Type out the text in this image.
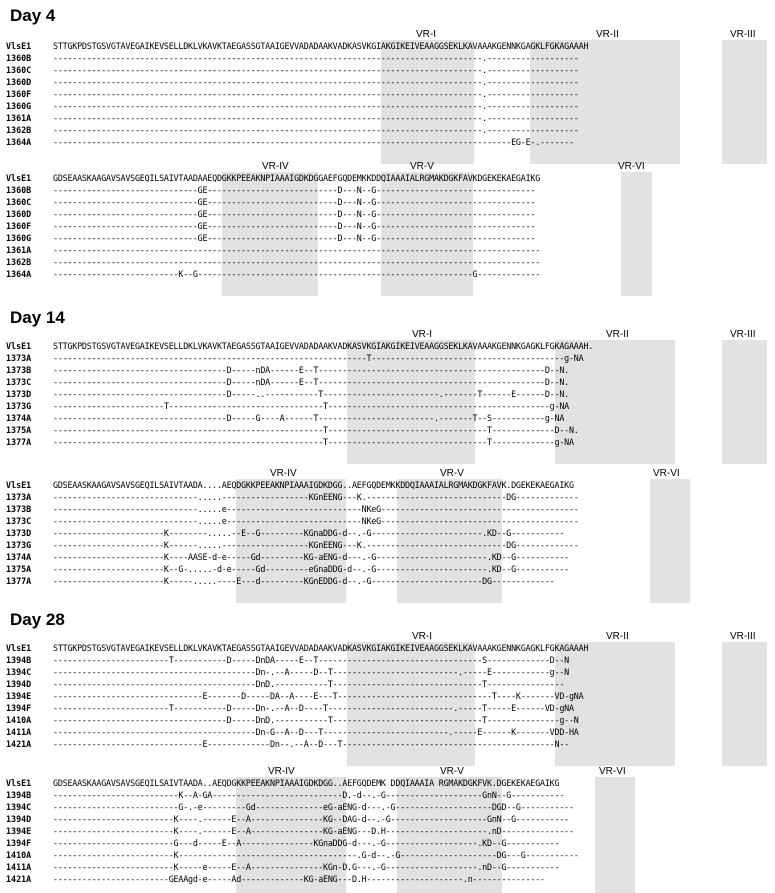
Day 4
VR-I	VR-II	VR-III
VlsE1	STTGKPDSTGSVGTAVEGAIKEVSELLDKLVKAVKTAEGASSGTAAIGEVVADADAAKVADKASVKGIAKGIKEIVEAAGGSEKLKAVAAAKGENNKGAGKLFGKAGAAAH
1360B	-----------------------------------------------------------------------------------------.-------------------
1360C	-----------------------------------------------------------------------------------------.-------------------
1360D	-----------------------------------------------------------------------------------------.-------------------
1360F	-----------------------------------------------------------------------------------------.-------------------
1360G	-----------------------------------------------------------------------------------------.-------------------
1361A	-----------------------------------------------------------------------------------------.-------------------
1362B	-----------------------------------------------------------------------------------------.-------------------
1364A	-----------------------------------------------------------------------------------------------EG-E-.-------
VR-IV	VR-V	VR-VI
VlsE1	GDSEAASKAAGAVSAVSGEQILSAIVTAADAAEQDGKKPEEAKNPIAAAIGDKDGGAEFGQDEMKKDDQIAAAIALRGMAKDGKFAVKDGEKEKAEGAIKG
1360B	------------------------------GE---------------------------D---N--G---------------------------------
1360C	------------------------------GE---------------------------D---N--G---------------------------------
1360D	------------------------------GE---------------------------D---N--G---------------------------------
1360F	------------------------------GE---------------------------D---N--G---------------------------------
1360G	------------------------------GE---------------------------D---N--G---------------------------------
1361A	-----------------------------------------------------------------------------------------------------
1362B	-----------------------------------------------------------------------------------------------------
1364A	--------------------------K--G---------------------------------------------------------G-------------
Day 14
VR-I	VR-II	VR-III
VlsE1	STTGKPDSTGSVGTAVEGAIKEVSELLDKLVKAVKTAEGASSGTAAIGEVVADADAAKVADKASVKGIAKGIKEIVEAAGGSEKLKAVAAAKGENNKGAGKLFGKAGAAAH.
1373A	-----------------------------------------------------------------T----------------------------------------g-NA
1373B	------------------------------------D-----nDA------E--T-----------------------------------------------D--N.
1373C	------------------------------------D-----nDA------E--T-----------------------------------------------D--N.
1373D	------------------------------------D-----..-----------T------------------------.-------T------E------D--N.
1373G	-----------------------T--------------------------------T----------------------------------------------g-NA
1374A	------------------------------------D-----G----A------T------------------------.-------T--S-----------g-NA
1375A	--------------------------------------------------------T---------------------------------T-------------D--N.
1377A	--------------------------------------------------------T---------------------------------T-------------g-NA
VR-IV	VR-V	VR-VI
VlsE1	GDSEAASKAAGAVSAVSGEQILSAIVTAADA....AEQDGKKPEEAKNPIAAAIGDKDGG..AEFGQDEMKKDDQIAAAIALRGMAKDGKFAVK.DGEKEKAEGAIKG
1373A	------------------------------.....------------------KGnEENG---K.-----------------------------DG-------------
1373B	------------------------------.....e----------------------------NKeG-----------------------------------------
1373C	------------------------------.....e----------------------------NKeG-----------------------------------------
1373D	-----------------------K--------.....--E--G---------KGnaDDG-d--.-G-----------------------.KD--G-----------
1373G	-----------------------K------.....------------------KGnEENG---K.-----------------------------DG-------------
1374A	-----------------------K----AASE-d-e-----Gd---------KG-aENG-d---.-G-----------------------.KD--G-----------
1375A	-----------------------K--G-.....-d-e-----Gd---------eGnaDDG-d--.-G-----------------------.KD--G-----------
1377A	-----------------------K-----.....----E---d---------KGnEDDG-d--.-G-----------------------DG-------------
Day 28
VR-I	VR-II	VR-III
VlsE1	STTGKPDSTGSVGTAVEGAIKEVSELLDKLVKAVKTAEGASSGTAAIGEVVADADAAKVADKASVKGIAKGIKEIVEAAGGSEKLKAVAAAKGENNKGAGKLFGKAGAAAH
1394B	------------------------T-----------D-----DnDA-----E--T----------------------------------S-------------D--N
1394C	------------------------------------------Dn-.--A-----D--T--------------------------.-----E------------g--N
1394D	------------------------------------------DnD.-----------T-------------------------------T----------------
1394E	-------------------------------E-------D-----DA--A----E---T--------------------------------T----K-------VD-gNA
1394F	------------------------T-----------D-----Dn-.--A--D----T--------------------------.-----T-----E------VD-gNA
1410A	------------------------------------D-----DnD.-----------T-------------------------------T---------------g--N
1411A	------------------------------------------Dn-G--A--D---T--------------------------.-----E------K-------VDD-HA
1421A	-------------------------------E-------------Dn--.--A--D---T--------------------------------------------N--
VR-IV	VR-V	VR-VI
VlsE1	GDSEAASKAAGAVSAVSGEQILSAIVTAADA..AEQDGKKPEEAKNPIAAAIGDKDGG..AEFGQDEMK DDQIAAAIA RGMAKDGKFVK.DGEKEKAEGAIKG
1394B	--------------------------K--A-GA---------------------------D.-d--.-G--------------------GnN--G-----------
1394C	--------------------------G-.-e---------Gd--------------eG-aENG-d---.-G--------------------DGD--G-----------
1394D	-------------------------K----.------E--A---------------KG--DAG-d--.-G--------------------GnN--G-----------
1394E	-------------------------K----.------E--A---------------KG-aENG---D.H---------------------.nD---------------
1394F	-------------------------G---d-----E--A---------------KGnaDDG-d---.-G-------------------.KD--G-----------
1410A	-------------------------K-------------------------------------.G-d--.-G--------------------DG---G-----------
1411A	-------------------------K-----e-----E--A---------------KGn-D.G---.-G-------------------.nD--G-----------
1421A	------------------------GEAAgd-e-----Ad-------------KG-aENG---D.H--------------------.n---------------
